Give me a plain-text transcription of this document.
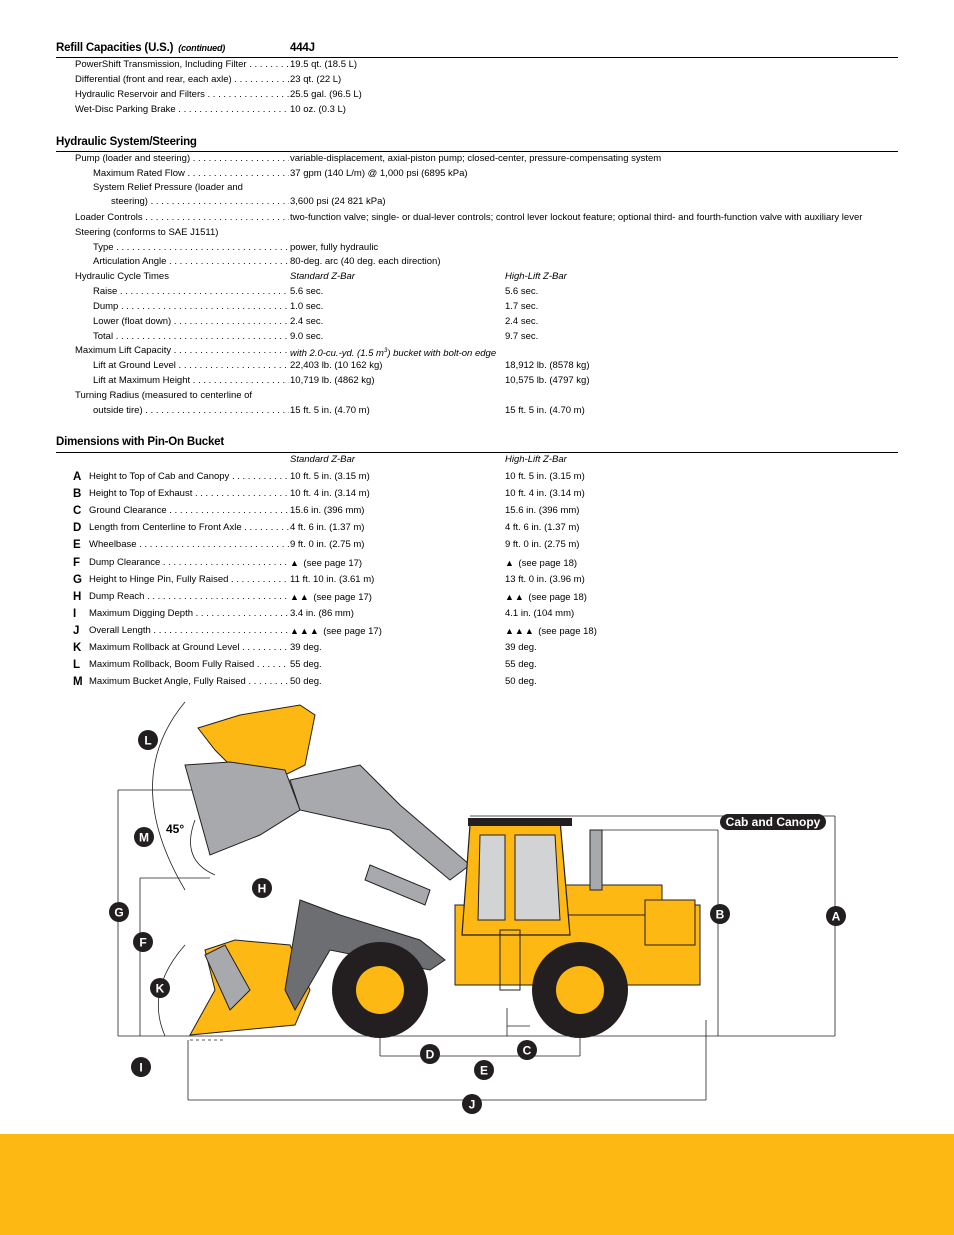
Refill Capacities (U.S.) (continued)	444J
PowerShift Transmission, Including Filter . . .	19.5 qt. (18.5 L)
Differential (front and rear, each axle) . . .	23 qt. (22 L)
Hydraulic Reservoir and Filters . . .	25.5 gal. (96.5 L)
Wet-Disc Parking Brake . . .	10 oz. (0.3 L)
Hydraulic System/Steering
Pump (loader and steering) . . .	variable-displacement, axial-piston pump; closed-center, pressure-compensating system
Maximum Rated Flow . . .	37 gpm (140 L/m) @ 1,000 psi (6895 kPa)
System Relief Pressure (loader and
steering) . . .	3,600 psi (24 821 kPa)
Loader Controls . . .	two-function valve; single- or dual-lever controls; control lever lockout feature; optional third- and fourth-function valve with auxiliary lever
Steering (conforms to SAE J1511)
Type . . .	power, fully hydraulic
Articulation Angle . . .	80-deg. arc (40 deg. each direction)
Hydraulic Cycle Times	Standard Z-Bar	High-Lift Z-Bar
Raise . . .	5.6 sec.	5.6 sec.
Dump . . .	1.0 sec.	1.7 sec.
Lower (float down) . . .	2.4 sec.	2.4 sec.
Total . . .	9.0 sec.	9.7 sec.
Maximum Lift Capacity . . .	with 2.0-cu.-yd. (1.5 $m^3$) bucket with bolt-on edge
Lift at Ground Level . . .	22,403 lb. (10 162 kg)	18,912 lb. (8578 kg)
Lift at Maximum Height . . .	10,719 lb. (4862 kg)	10,575 lb. (4797 kg)
Turning Radius (measured to centerline of
outside tire) . . .	15 ft. 5 in. (4.70 m)	15 ft. 5 in. (4.70 m)
Dimensions with Pin-On Bucket
Standard Z-Bar	High-Lift Z-Bar
A Height to Top of Cab and Canopy . . .	10 ft. 5 in. (3.15 m)	10 ft. 5 in. (3.15 m)
B Height to Top of Exhaust . . .	10 ft. 4 in. (3.14 m)	10 ft. 4 in. (3.14 m)
C Ground Clearance . . .	15.6 in. (396 mm)	15.6 in. (396 mm)
D Length from Centerline to Front Axle . . .	4 ft. 6 in. (1.37 m)	4 ft. 6 in. (1.37 m)
E Wheelbase . . .	9 ft. 0 in. (2.75 m)	9 ft. 0 in. (2.75 m)
F Dump Clearance . . .	▲ (see page 17)	▲ (see page 18)
G Height to Hinge Pin, Fully Raised . . .	11 ft. 10 in. (3.61 m)	13 ft. 0 in. (3.96 m)
H Dump Reach . . .	▲▲ (see page 17)	▲▲ (see page 18)
I Maximum Digging Depth . . .	3.4 in. (86 mm)	4.1 in. (104 mm)
J Overall Length . . .	▲▲▲ (see page 17)	▲▲▲ (see page 18)
K Maximum Rollback at Ground Level . . .	39 deg.	39 deg.
L Maximum Rollback, Boom Fully Raised . . .	55 deg.	55 deg.
M Maximum Bucket Angle, Fully Raised . . .	50 deg.	50 deg.
L
M
H
G
F
K
I
D
E
C
J
B	A
Cab and Canopy
45°
